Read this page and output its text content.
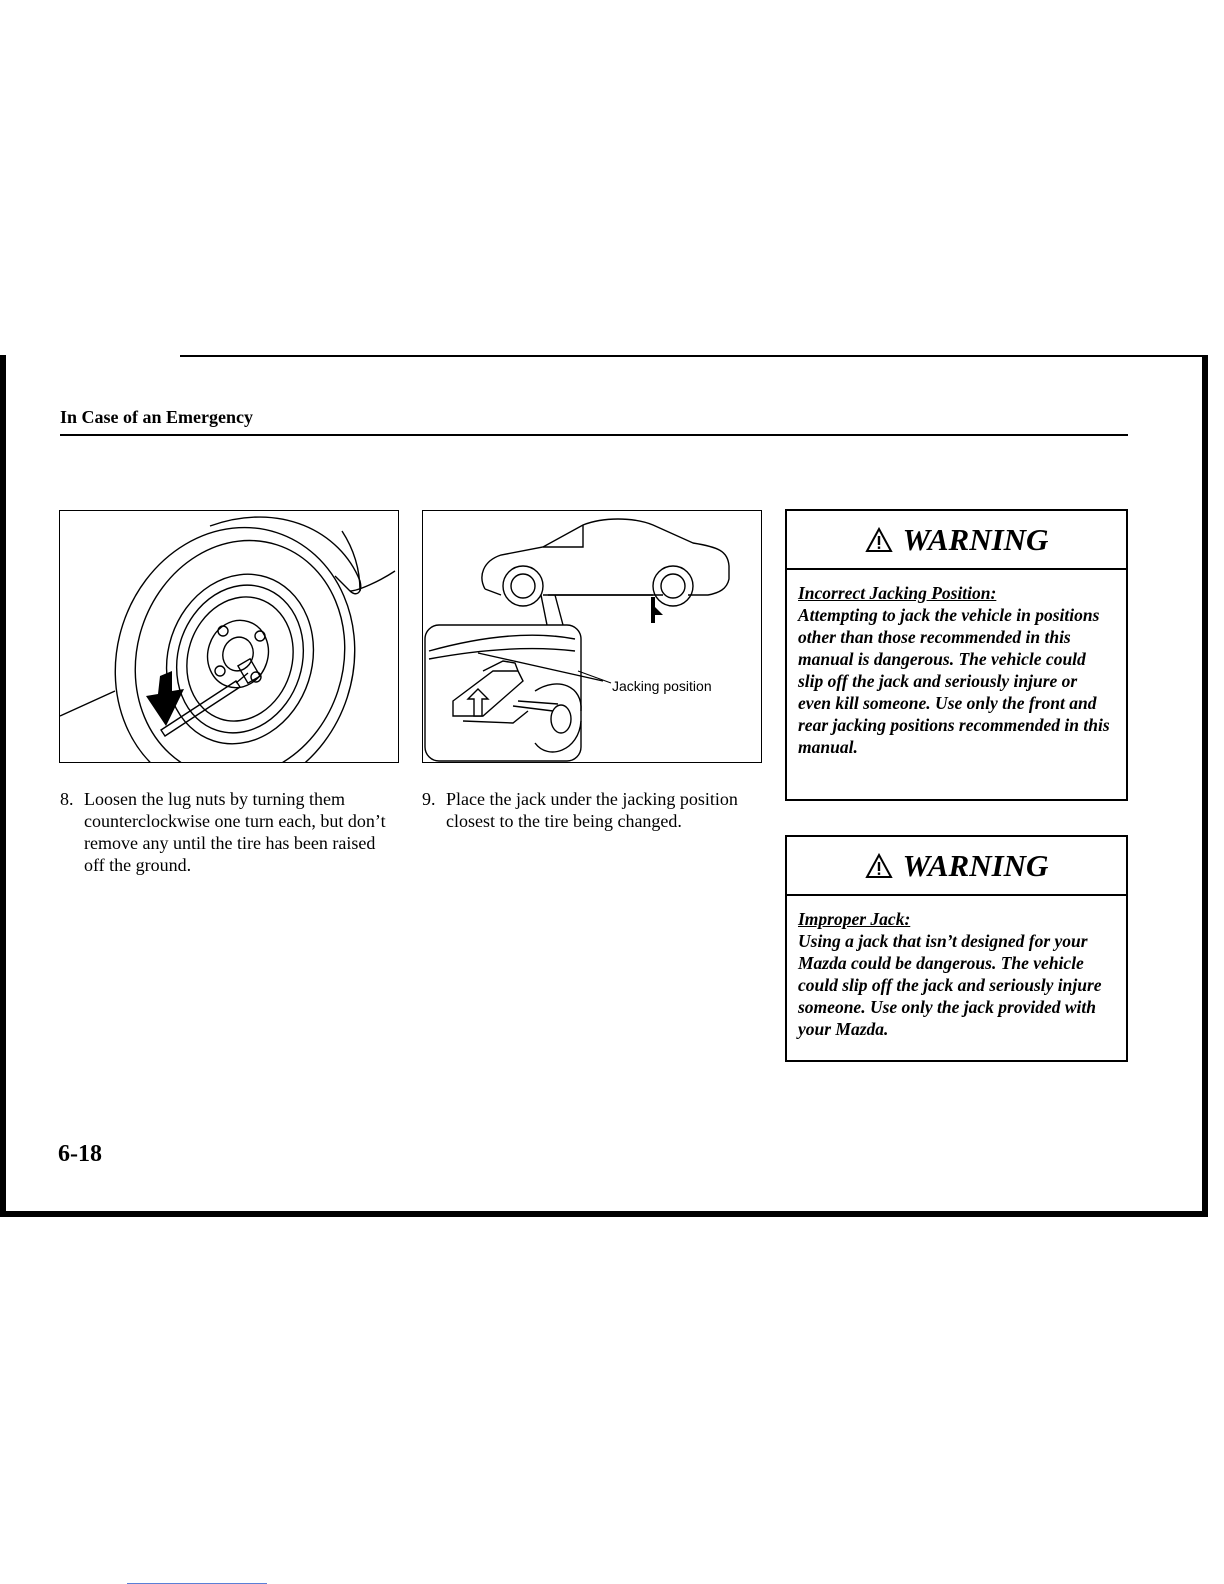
In Case of an Emergency
Jacking position
8. Loosen the lug nuts by turning them counterclockwise one turn each, but don’t remove any until the tire has been raised off the ground.
9. Place the jack under the jacking position closest to the tire being changed.
WARNING
Incorrect Jacking Position:
Attempting to jack the vehicle in positions other than those recommended in this manual is dangerous. The vehicle could slip off the jack and seriously injure or even kill someone. Use only the front and rear jacking positions recommended in this manual.
WARNING
Improper Jack:
Using a jack that isn’t designed for your Mazda could be dangerous. The vehicle could slip off the jack and seriously injure someone. Use only the jack provided with your Mazda.
6-18
